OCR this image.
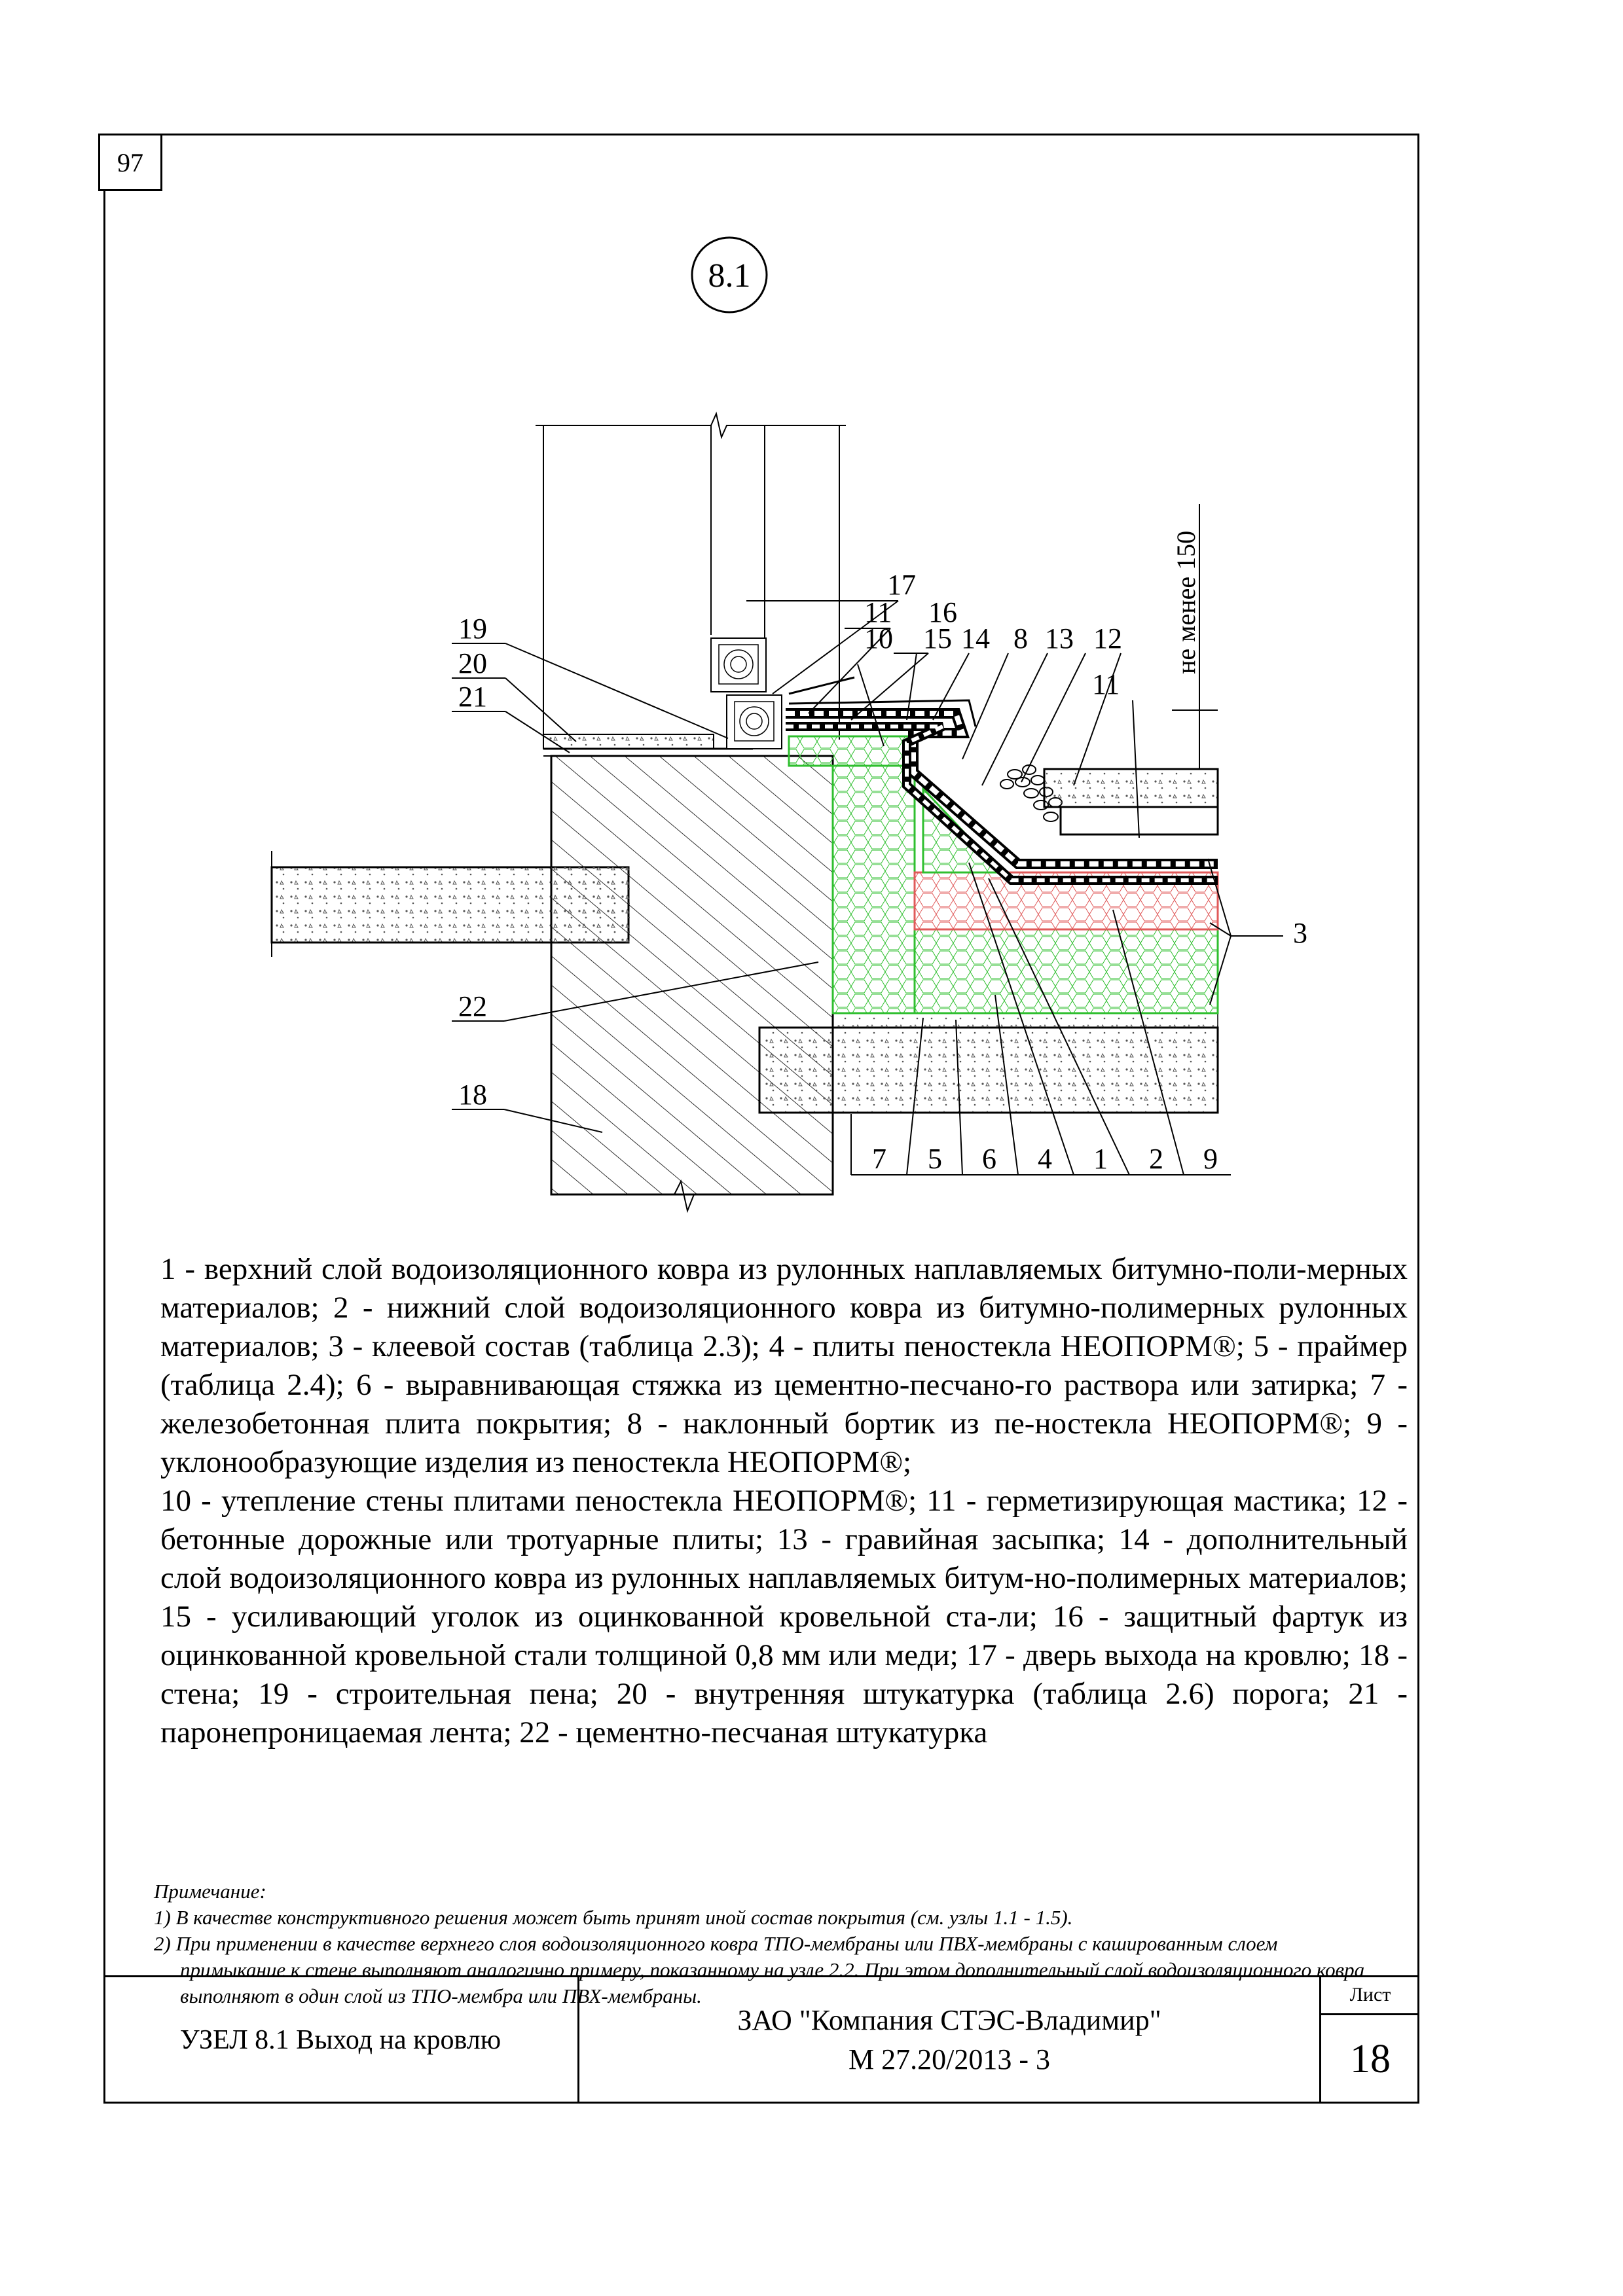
97
8.1
не менее 150
17
11 16
10 15 14 8 13 12
11
19
20
21
3
22
18
7 5 6 4 1 2 9

1 - верхний слой водоизоляционного ковра из рулонных наплавляемых битумно-поли-мерных материалов; 2 - нижний слой водоизоляционного ковра из битумно-полимерных рулонных материалов; 3 - клеевой состав (таблица 2.3); 4 - плиты пеностекла НЕОПОРМ®; 5 - праймер (таблица 2.4); 6 - выравнивающая стяжка из цементно-песчано-го раствора или затирка; 7 - железобетонная плита покрытия; 8 - наклонный бортик из пе-ностекла НЕОПОРМ®; 9 - уклонообразующие изделия из пеностекла НЕОПОРМ®;

10 - утепление стены плитами пеностекла НЕОПОРМ®; 11 - герметизирующая мастика; 12 - бетонные дорожные или тротуарные плиты; 13 - гравийная засыпка; 14 - дополнительный слой водоизоляционного ковра из рулонных наплавляемых битум-но-полимерных материалов; 15 - усиливающий уголок из оцинкованной кровельной ста-ли; 16 - защитный фартук из оцинкованной кровельной стали толщиной 0,8 мм или меди; 17 - дверь выхода на кровлю; 18 - стена; 19 - строительная пена; 20 - внутренняя штукатурка (таблица 2.6) порога; 21 - паронепроницаемая лента; 22 - цементно-песчаная штукатурка

Примечание:
1) В качестве конструктивного решения может быть принят иной состав покрытия (см. узлы 1.1 - 1.5).
2) При применении в качестве верхнего слоя водоизоляционного ковра ТПО-мембраны или ПВХ-мембраны с кашированным слоем примыкание к стене выполняют аналогично примеру, показанному на узле 2.2. При этом дополнительный слой водоизоляционного ковра выполняют в один слой из ТПО-мембра или ПВХ-мембраны.
УЗЕЛ 8.1 Выход на кровлю
ЗАО "Компания СТЭС-Владимир"
М 27.20/2013 - 3
Лист
18
